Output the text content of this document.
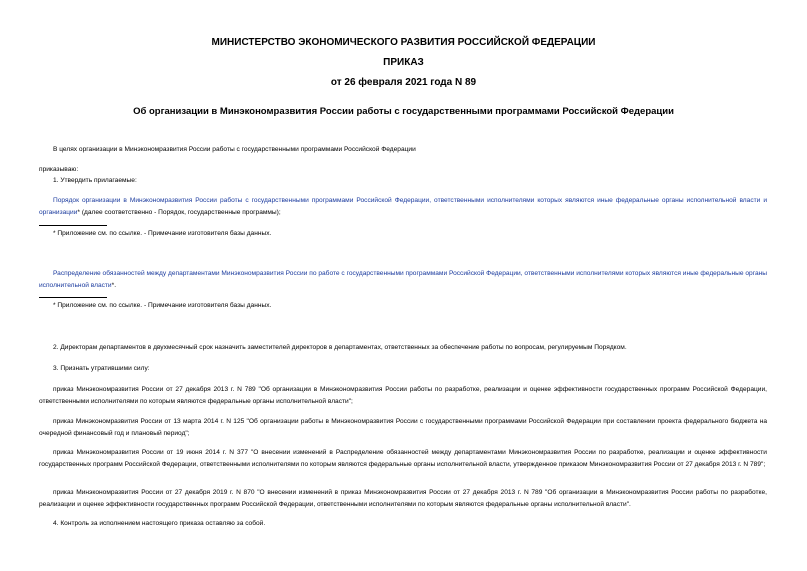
МИНИСТЕРСТВО ЭКОНОМИЧЕСКОГО РАЗВИТИЯ РОССИЙСКОЙ ФЕДЕРАЦИИ
ПРИКАЗ
от 26 февраля 2021 года N 89
Об организации в Минэкономразвития России работы с государственными программами Российской Федерации
В целях организации в Минэкономразвития России работы с государственными программами Российской Федерации
приказываю:
1. Утвердить прилагаемые:
Порядок организации в Минэкономразвития России работы с государственными программами Российской Федерации, ответственными исполнителями которых являются иные федеральные органы исполнительной власти и организации* (далее соответственно - Порядок, государственные программы);
* Приложение см. по ссылке. - Примечание изготовителя базы данных.
Распределение обязанностей между департаментами Минэкономразвития России по работе с государственными программами Российской Федерации, ответственными исполнителями которых являются иные федеральные органы исполнительной власти*.
* Приложение см. по ссылке. - Примечание изготовителя базы данных.
2. Директорам департаментов в двухмесячный срок назначить заместителей директоров в департаментах, ответственных за обеспечение работы по вопросам, регулируемым Порядком.
3. Признать утратившими силу:
приказ Минэкономразвития России от 27 декабря 2013 г. N 789 "Об организации в Минэкономразвития России работы по разработке, реализации и оценке эффективности государственных программ Российской Федерации, ответственными исполнителями по которым являются федеральные органы исполнительной власти";
приказ Минэкономразвития России от 13 марта 2014 г. N 125 "Об организации работы в Минэкономразвития России с государственными программами Российской Федерации при составлении проекта федерального бюджета на очередной финансовый год и плановый период";
приказ Минэкономразвития России от 19 июня 2014 г. N 377 "О внесении изменений в Распределение обязанностей между департаментами Минэкономразвития России по разработке, реализации и оценке эффективности государственных программ Российской Федерации, ответственными исполнителями по которым являются федеральные органы исполнительной власти, утвержденное приказом Минэкономразвития России от 27 декабря 2013 г. N 789";
приказ Минэкономразвития России от 27 декабря 2019 г. N 870 "О внесении изменений в приказ Минэкономразвития России от 27 декабря 2013 г. N 789 "Об организации в Минэкономразвития России работы по разработке, реализации и оценке эффективности государственных программ Российской Федерации, ответственными исполнителями по которым являются федеральные органы исполнительной власти".
4. Контроль за исполнением настоящего приказа оставляю за собой.
